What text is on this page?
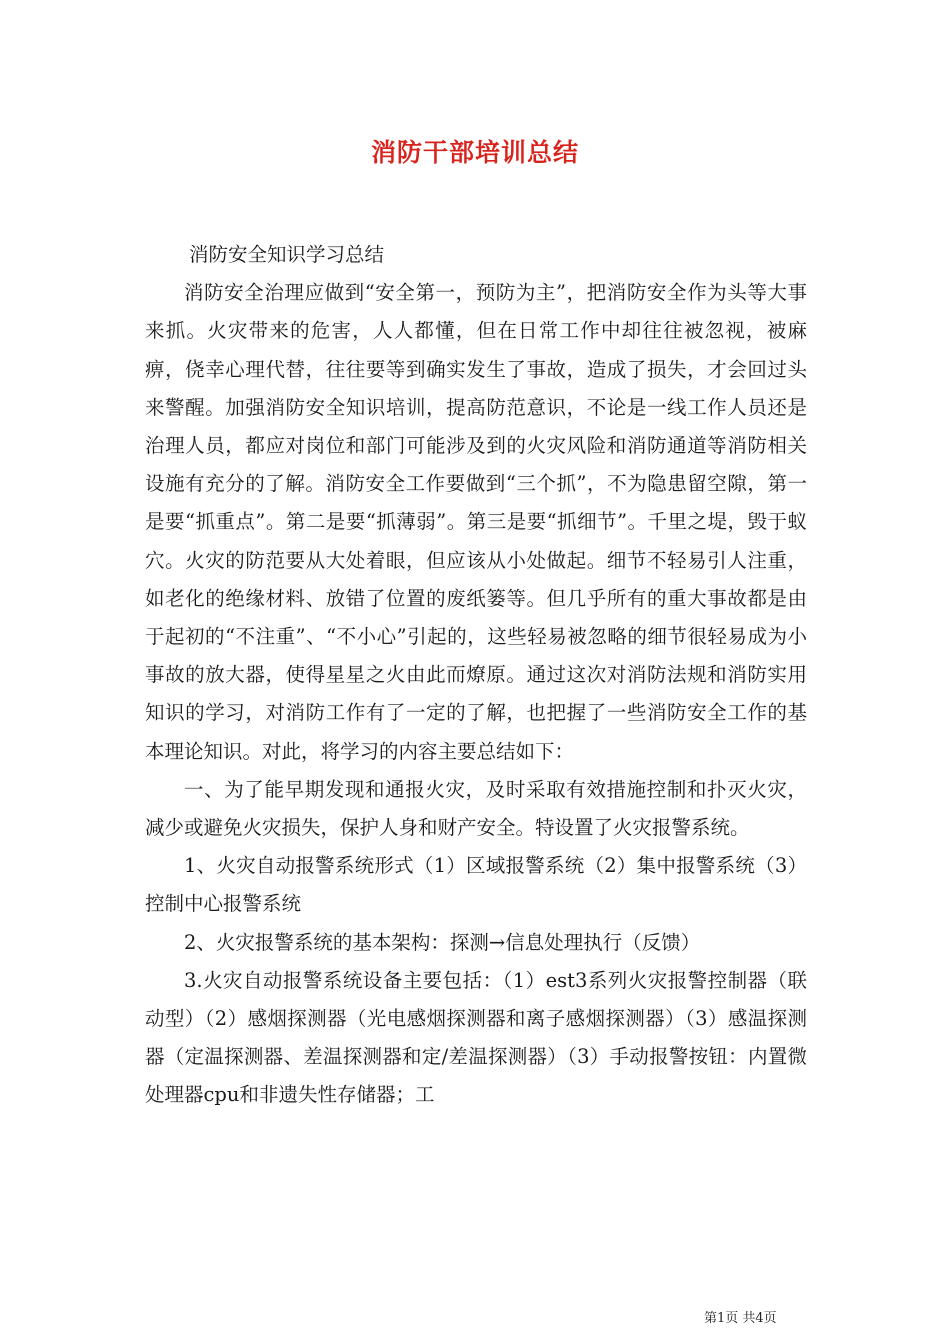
消防干部培训总结

消防安全知识学习总结

消防安全治理应做到“安全第一，预防为主”，把消防安全作为头等大事来抓。火灾带来的危害，人人都懂，但在日常工作中却往往被忽视，被麻痹，侥幸心理代替，往往要等到确实发生了事故，造成了损失，才会回过头来警醒。加强消防安全知识培训，提高防范意识，不论是一线工作人员还是治理人员，都应对岗位和部门可能涉及到的火灾风险和消防通道等消防相关设施有充分的了解。消防安全工作要做到“三个抓”，不为隐患留空隙，第一是要“抓重点”。第二是要“抓薄弱”。第三是要“抓细节”。千里之堤，毁于蚁穴。火灾的防范要从大处着眼，但应该从小处做起。细节不轻易引人注重，如老化的绝缘材料、放错了位置的废纸篓等。但几乎所有的重大事故都是由于起初的“不注重”、“不小心”引起的，这些轻易被忽略的细节很轻易成为小事故的放大器，使得星星之火由此而燎原。通过这次对消防法规和消防实用知识的学习，对消防工作有了一定的了解，也把握了一些消防安全工作的基本理论知识。对此，将学习的内容主要总结如下：

一、为了能早期发现和通报火灾，及时采取有效措施控制和扑灭火灾，减少或避免火灾损失，保护人身和财产安全。特设置了火灾报警系统。

1、火灾自动报警系统形式（1）区域报警系统（2）集中报警系统（3）控制中心报警系统

2、火灾报警系统的基本架构：探测→信息处理执行（反馈）

3.火灾自动报警系统设备主要包括：（1）est3系列火灾报警控制器（联动型）（2）感烟探测器（光电感烟探测器和离子感烟探测器）（3）感温探测器（定温探测器、差温探测器和定/差温探测器）（3）手动报警按钮：内置微处理器cpu和非遗失性存储器；工

第1页 共4页
